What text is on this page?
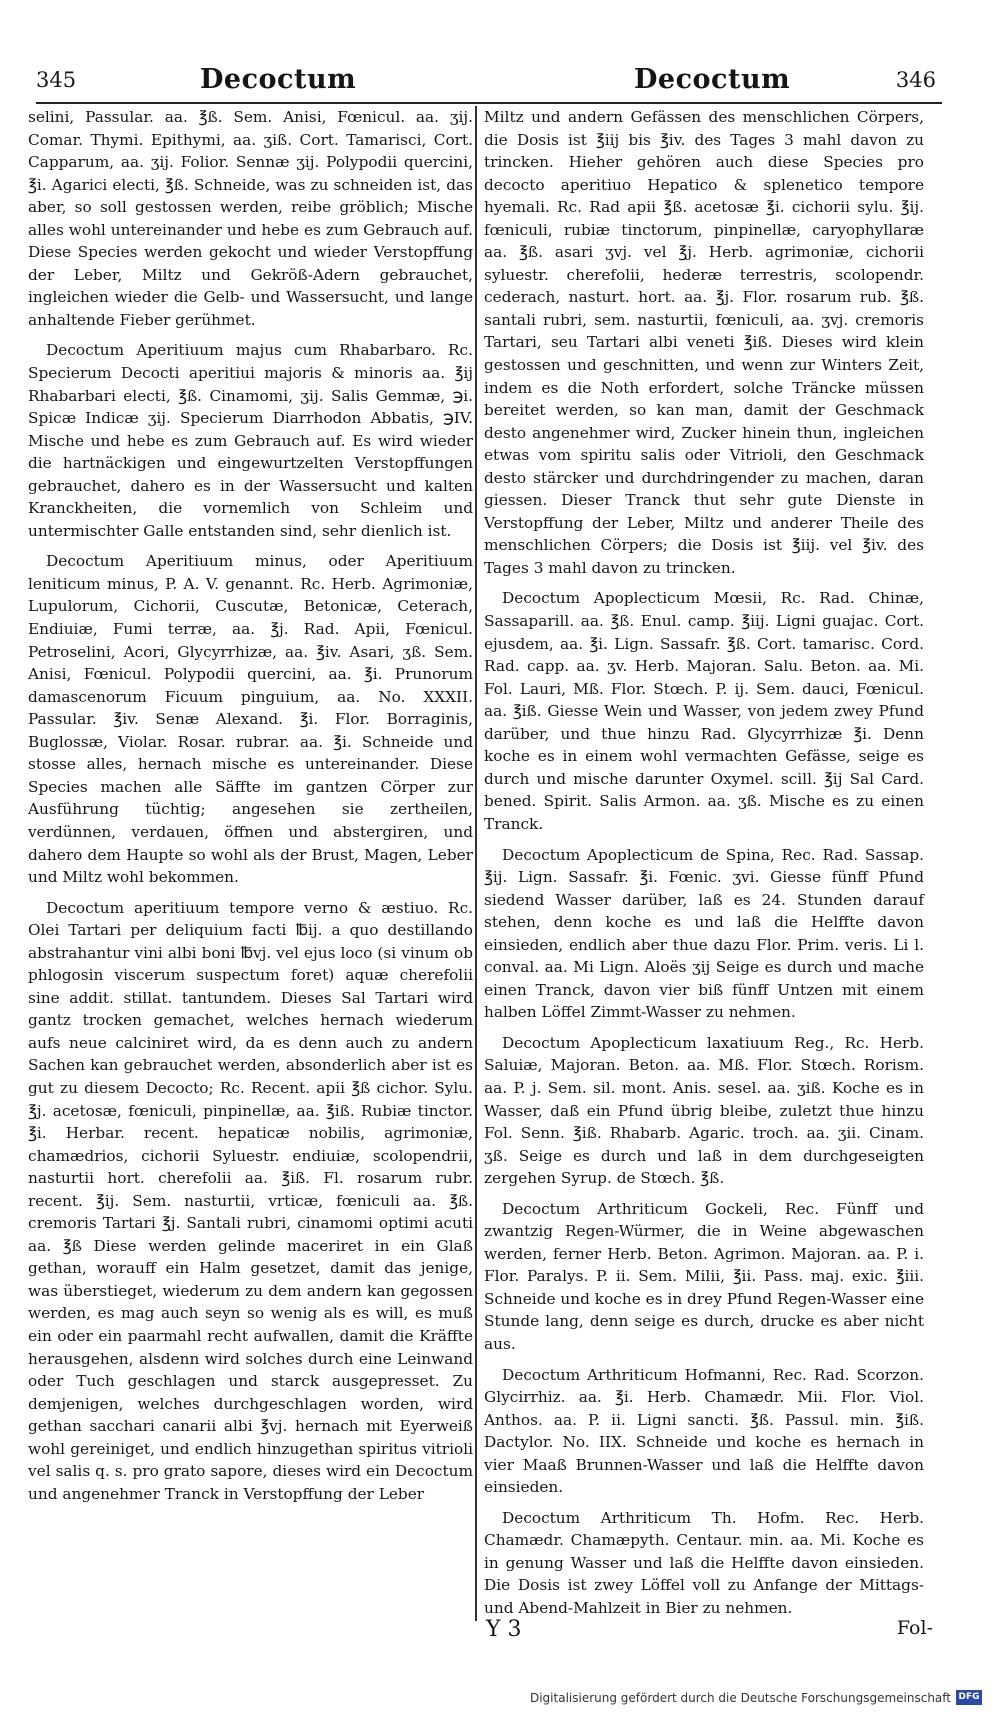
345	Decoctum	Decoctum	346

selini, Passular. aa. ℥ß. Sem. Anisi, Fœnicul. aa. ʒij. Comar. Thymi. Epithymi, aa. ʒiß. Cort. Tamarisci, Cort. Capparum, aa. ʒij. Folior. Sennæ ʒij. Polypodii quercini, ℥i. Agarici electi, ℥ß. Schneide, was zu schneiden ist, das aber, so soll gestossen werden, reibe gröblich; Mische alles wohl untereinander und hebe es zum Gebrauch auf. Diese Species werden gekocht und wieder Verstopffung der Leber, Miltz und Gekröß-Adern gebrauchet, ingleichen wieder die Gelb- und Wassersucht, und lange anhaltende Fieber gerühmet.

Decoctum Aperitiuum majus cum Rhabarbaro. Rc. Specierum Decocti aperitiui majoris & minoris aa. ℥ij Rhabarbari electi, ℥ß. Cinamomi, ʒij. Salis Gemmæ, ℈i. Spicæ Indicæ ʒij. Specierum Diarrhodon Abbatis, ℈IV. Mische und hebe es zum Gebrauch auf. Es wird wieder die hartnäckigen und eingewurtzelten Verstopffungen gebrauchet, dahero es in der Wassersucht und kalten Kranckheiten, die vornemlich von Schleim und untermischter Galle entstanden sind, sehr dienlich ist.

Decoctum Aperitiuum minus, oder Aperitiuum leniticum minus, P. A. V. genannt. Rc. Herb. Agrimoniæ, Lupulorum, Cichorii, Cuscutæ, Betonicæ, Ceterach, Endiuiæ, Fumi terræ, aa. ℥j. Rad. Apii, Fœnicul. Petroselini, Acori, Glycyrrhizæ, aa. ℥iv. Asari, ʒß. Sem. Anisi, Fœnicul. Polypodii quercini, aa. ℥i. Prunorum damascenorum Ficuum pinguium, aa. No. XXXII. Passular. ℥iv. Senæ Alexand. ℥i. Flor. Borraginis, Buglossæ, Violar. Rosar. rubrar. aa. ℥i. Schneide und stosse alles, hernach mische es untereinander. Diese Species machen alle Säffte im gantzen Cörper zur Ausführung tüchtig; angesehen sie zertheilen, verdünnen, verdauen, öffnen und abstergiren, und dahero dem Haupte so wohl als der Brust, Magen, Leber und Miltz wohl bekommen.

Decoctum aperitiuum tempore verno & æstiuo. Rc. Olei Tartari per deliquium facti ℔ij. a quo destillando abstrahantur vini albi boni ℔vj. vel ejus loco (si vinum ob phlogosin viscerum suspectum foret) aquæ cherefolii sine addit. stillat. tantundem. Dieses Sal Tartari wird gantz trocken gemachet, welches hernach wiederum aufs neue calciniret wird, da es denn auch zu andern Sachen kan gebrauchet werden, absonderlich aber ist es gut zu diesem Decocto; Rc. Recent. apii ℥ß cichor. Sylu. ℥j. acetosæ, fœniculi, pinpinellæ, aa. ℥iß. Rubiæ tinctor. ℥i. Herbar. recent. hepaticæ nobilis, agrimoniæ, chamædrios, cichorii Syluestr. endiuiæ, scolopendrii, nasturtii hort. cherefolii aa. ℥iß. Fl. rosarum rubr. recent. ℥ij. Sem. nasturtii, vrticæ, fœniculi aa. ℥ß. cremoris Tartari ℥j. Santali rubri, cinamomi optimi acuti aa. ℥ß Diese werden gelinde maceriret in ein Glaß gethan, worauff ein Halm gesetzet, damit das jenige, was überstieget, wiederum zu dem andern kan gegossen werden, es mag auch seyn so wenig als es will, es muß ein oder ein paarmahl recht aufwallen, damit die Kräffte herausgehen, alsdenn wird solches durch eine Leinwand oder Tuch geschlagen und starck ausgepresset. Zu demjenigen, welches durchgeschlagen worden, wird gethan sacchari canarii albi ℥vj. hernach mit Eyerweiß wohl gereiniget, und endlich hinzugethan spiritus vitrioli vel salis q. s. pro grato sapore, dieses wird ein Decoctum und angenehmer Tranck in Verstopffung der Leber

Miltz und andern Gefässen des menschlichen Cörpers, die Dosis ist ℥iij bis ℥iv. des Tages 3 mahl davon zu trincken. Hieher gehören auch diese Species pro decocto aperitiuo Hepatico & splenetico tempore hyemali. Rc. Rad apii ℥ß. acetosæ ℥i. cichorii sylu. ℥ij. fœniculi, rubiæ tinctorum, pinpinellæ, caryophyllaræ aa. ℥ß. asari ʒvj. vel ℥j. Herb. agrimoniæ, cichorii syluestr. cherefolii, hederæ terrestris, scolopendr. cederach, nasturt. hort. aa. ℥j. Flor. rosarum rub. ℥ß. santali rubri, sem. nasturtii, fœniculi, aa. ʒvj. cremoris Tartari, seu Tartari albi veneti ℥iß. Dieses wird klein gestossen und geschnitten, und wenn zur Winters Zeit, indem es die Noth erfordert, solche Träncke müssen bereitet werden, so kan man, damit der Geschmack desto angenehmer wird, Zucker hinein thun, ingleichen etwas vom spiritu salis oder Vitrioli, den Geschmack desto stärcker und durchdringender zu machen, daran giessen. Dieser Tranck thut sehr gute Dienste in Verstopffung der Leber, Miltz und anderer Theile des menschlichen Cörpers; die Dosis ist ℥iij. vel ℥iv. des Tages 3 mahl davon zu trincken.

Decoctum Apoplecticum Mœsii, Rc. Rad. Chinæ, Sassaparill. aa. ℥ß. Enul. camp. ℥iij. Ligni guajac. Cort. ejusdem, aa. ℥i. Lign. Sassafr. ℥ß. Cort. tamarisc. Cord. Rad. capp. aa. ʒv. Herb. Majoran. Salu. Beton. aa. Mi. Fol. Lauri, Mß. Flor. Stœch. P. ij. Sem. dauci, Fœnicul. aa. ℥iß. Giesse Wein und Wasser, von jedem zwey Pfund darüber, und thue hinzu Rad. Glycyrrhizæ ℥i. Denn koche es in einem wohl vermachten Gefässe, seige es durch und mische darunter Oxymel. scill. ℥ij Sal Card. bened. Spirit. Salis Armon. aa. ʒß. Mische es zu einen Tranck.

Decoctum Apoplecticum de Spina, Rec. Rad. Sassap. ℥ij. Lign. Sassafr. ℥i. Fœnic. ʒvi. Giesse fünff Pfund siedend Wasser darüber, laß es 24. Stunden darauf stehen, denn koche es und laß die Helffte davon einsieden, endlich aber thue dazu Flor. Prim. veris. Li l. conval. aa. Mi Lign. Aloës ʒij Seige es durch und mache einen Tranck, davon vier biß fünff Untzen mit einem halben Löffel Zimmt-Wasser zu nehmen.

Decoctum Apoplecticum laxatiuum Reg., Rc. Herb. Saluiæ, Majoran. Beton. aa. Mß. Flor. Stœch. Rorism. aa. P. j. Sem. sil. mont. Anis. sesel. aa. ʒiß. Koche es in Wasser, daß ein Pfund übrig bleibe, zuletzt thue hinzu Fol. Senn. ℥iß. Rhabarb. Agaric. troch. aa. ʒii. Cinam. ʒß. Seige es durch und laß in dem durchgeseigten zergehen Syrup. de Stœch. ℥ß.

Decoctum Arthriticum Gockeli, Rec. Fünff und zwantzig Regen-Würmer, die in Weine abgewaschen werden, ferner Herb. Beton. Agrimon. Majoran. aa. P. i. Flor. Paralys. P. ii. Sem. Milii, ℥ii. Pass. maj. exic. ℥iii. Schneide und koche es in drey Pfund Regen-Wasser eine Stunde lang, denn seige es durch, drucke es aber nicht aus.

Decoctum Arthriticum Hofmanni, Rec. Rad. Scorzon. Glycirrhiz. aa. ℥i. Herb. Chamædr. Mii. Flor. Viol. Anthos. aa. P. ii. Ligni sancti. ℥ß. Passul. min. ℥iß. Dactylor. No. IIX. Schneide und koche es hernach in vier Maaß Brunnen-Wasser und laß die Helffte davon einsieden.

Decoctum Arthriticum Th. Hofm. Rec. Herb. Chamædr. Chamæpyth. Centaur. min. aa. Mi. Koche es in genung Wasser und laß die Helffte davon einsieden. Die Dosis ist zwey Löffel voll zu Anfange der Mittags- und Abend-Mahlzeit in Bier zu nehmen.

Y 3	Fol-
Digitalisierung gefördert durch die Deutsche Forschungsgemeinschaft DFG
